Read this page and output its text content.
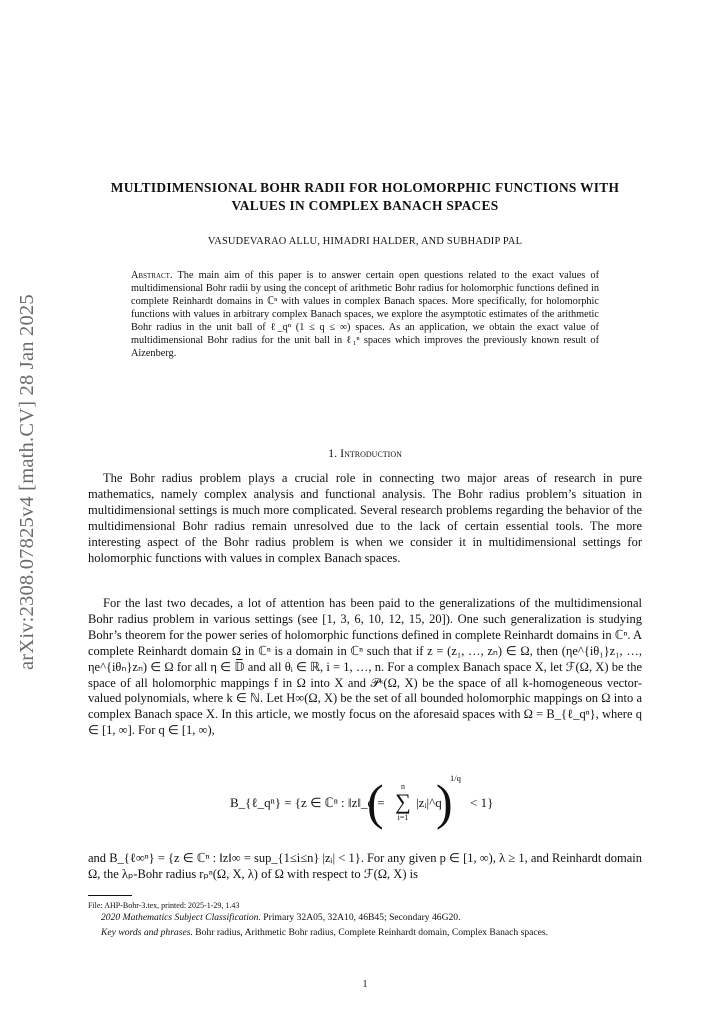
arXiv:2308.07825v4 [math.CV] 28 Jan 2025
MULTIDIMENSIONAL BOHR RADII FOR HOLOMORPHIC FUNCTIONS WITH VALUES IN COMPLEX BANACH SPACES
VASUDEVARAO ALLU, HIMADRI HALDER, AND SUBHADIP PAL
Abstract. The main aim of this paper is to answer certain open questions related to the exact values of multidimensional Bohr radii by using the concept of arithmetic Bohr radius for holomorphic functions defined in complete Reinhardt domains in ℂⁿ with values in complex Banach spaces. More specifically, for holomorphic functions with values in arbitrary complex Banach spaces, we explore the asymptotic estimates of the arithmetic Bohr radius in the unit ball of ℓ_qⁿ (1 ≤ q ≤ ∞) spaces. As an application, we obtain the exact value of multidimensional Bohr radius for the unit ball in ℓ₁ⁿ spaces which improves the previously known result of Aizenberg.
1. Introduction

The Bohr radius problem plays a crucial role in connecting two major areas of research in pure mathematics, namely complex analysis and functional analysis. The Bohr radius problem’s situation in multidimensional settings is much more complicated. Several research problems regarding the behavior of the multidimensional Bohr radius remain unresolved due to the lack of certain essential tools. The more interesting aspect of the Bohr radius problem is when we consider it in multidimensional settings for holomorphic functions with values in complex Banach spaces.

For the last two decades, a lot of attention has been paid to the generalizations of the multidimensional Bohr radius problem in various settings (see [1, 3, 6, 10, 12, 15, 20]). One such generalization is studying Bohr’s theorem for the power series of holomorphic functions defined in complete Reinhardt domains in ℂⁿ. A complete Reinhardt domain Ω in ℂⁿ is a domain in ℂⁿ such that if z = (z₁, …, zₙ) ∈ Ω, then (ηe^{iθ₁}z₁, …, ηe^{iθₙ}zₙ) ∈ Ω for all η ∈ 𝔻̅ and all θᵢ ∈ ℝ, i = 1, …, n. For a complex Banach space X, let ℱ(Ω, X) be the space of all holomorphic mappings f in Ω into X and 𝒫ᵏ(Ω, X) be the space of all k-homogeneous vector-valued polynomials, where k ∈ ℕ. Let H∞(Ω, X) be the set of all bounded holomorphic mappings on Ω into a complex Banach space X. In this article, we mostly focus on the aforesaid spaces with Ω = B_{ℓ_qⁿ}, where q ∈ [1, ∞]. For q ∈ [1, ∞),

B_{ℓ_qⁿ} = {z ∈ ℂⁿ : ‖z‖_q =
(	n
∑
i=1
|zᵢ|^q
)
1/q
< 1}

and B_{ℓ∞ⁿ} = {z ∈ ℂⁿ : ‖z‖∞ = sup_{1≤i≤n} |zᵢ| < 1}. For any given p ∈ [1, ∞), λ ≥ 1, and Reinhardt domain Ω, the λₚ-Bohr radius rₚⁿ(Ω, X, λ) of Ω with respect to ℱ(Ω, X) is

File: AHP-Bohr-3.tex, printed: 2025-1-29, 1.43

2020 Mathematics Subject Classification. Primary 32A05, 32A10, 46B45; Secondary 46G20.

Key words and phrases. Bohr radius, Arithmetic Bohr radius, Complete Reinhardt domain, Complex Banach spaces.

1
